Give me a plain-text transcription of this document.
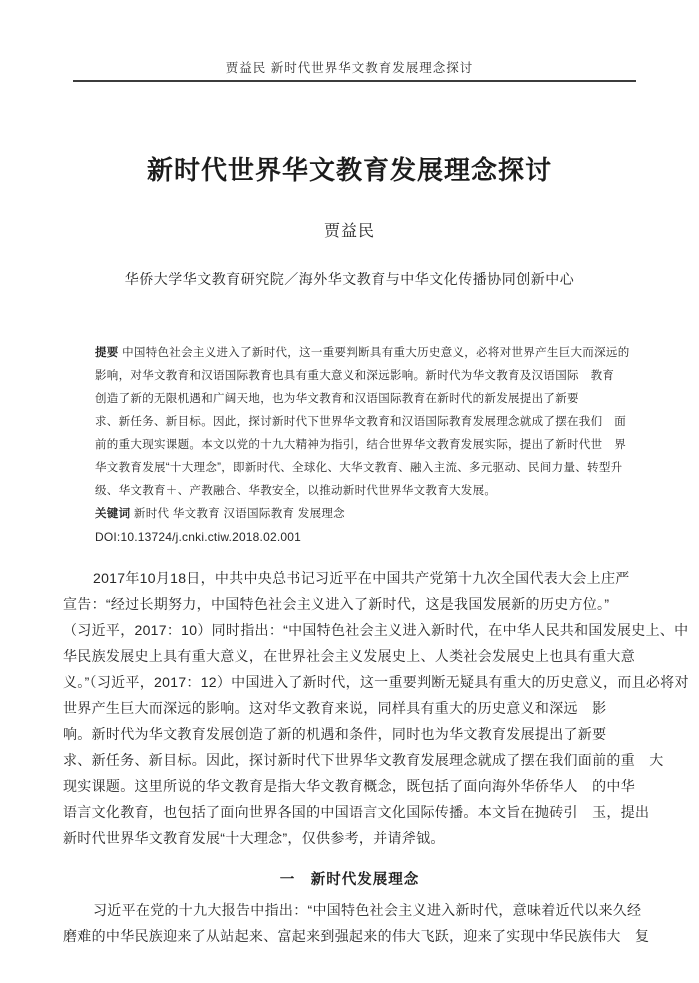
贾益民 新时代世界华文教育发展理念探讨
新时代世界华文教育发展理念探讨
贾益民
华侨大学华文教育研究院／海外华文教育与中华文化传播协同创新中心
提要 中国特色社会主义进入了新时代，这一重要判断具有重大历史意义，必将对世界产生巨大而深远的
影响，对华文教育和汉语国际教育也具有重大意义和深远影响。新时代为华文教育及汉语国际　教育
创造了新的无限机遇和广阔天地，也为华文教育和汉语国际教育在新时代的新发展提出了新要
求、新任务、新目标。因此，探讨新时代下世界华文教育和汉语国际教育发展理念就成了摆在我们　面
前的重大现实课题。本文以党的十九大精神为指引，结合世界华文教育发展实际，提出了新时代世　界
华文教育发展“十大理念”，即新时代、全球化、大华文教育、融入主流、多元驱动、民间力量、转型升
级、华文教育＋、产教融合、华教安全，以推动新时代世界华文教育大发展。
关键词 新时代 华文教育 汉语国际教育 发展理念
DOI:10.13724/j.cnki.ctiw.2018.02.001
2017年10月18日，中共中央总书记习近平在中国共产党第十九次全国代表大会上庄严
宣告：“经过长期努力，中国特色社会主义进入了新时代，这是我国发展新的历史方位。”
（习近平，2017：10）同时指出：“中国特色社会主义进入新时代，在中华人民共和国发展史上、中
华民族发展史上具有重大意义，在世界社会主义发展史上、人类社会发展史上也具有重大意
义。”（习近平，2017：12）中国进入了新时代，这一重要判断无疑具有重大的历史意义，而且必将对
世界产生巨大而深远的影响。这对华文教育来说，同样具有重大的历史意义和深远　影
响。新时代为华文教育发展创造了新的机遇和条件，同时也为华文教育发展提出了新要
求、新任务、新目标。因此，探讨新时代下世界华文教育发展理念就成了摆在我们面前的重　大
现实课题。这里所说的华文教育是指大华文教育概念，既包括了面向海外华侨华人　的中华
语言文化教育，也包括了面向世界各国的中国语言文化国际传播。本文旨在抛砖引　玉，提出
新时代世界华文教育发展“十大理念”，仅供参考，并请斧钺。
一　新时代发展理念
习近平在党的十九大报告中指出：“中国特色社会主义进入新时代，意味着近代以来久经
磨难的中华民族迎来了从站起来、富起来到强起来的伟大飞跃，迎来了实现中华民族伟大　复
